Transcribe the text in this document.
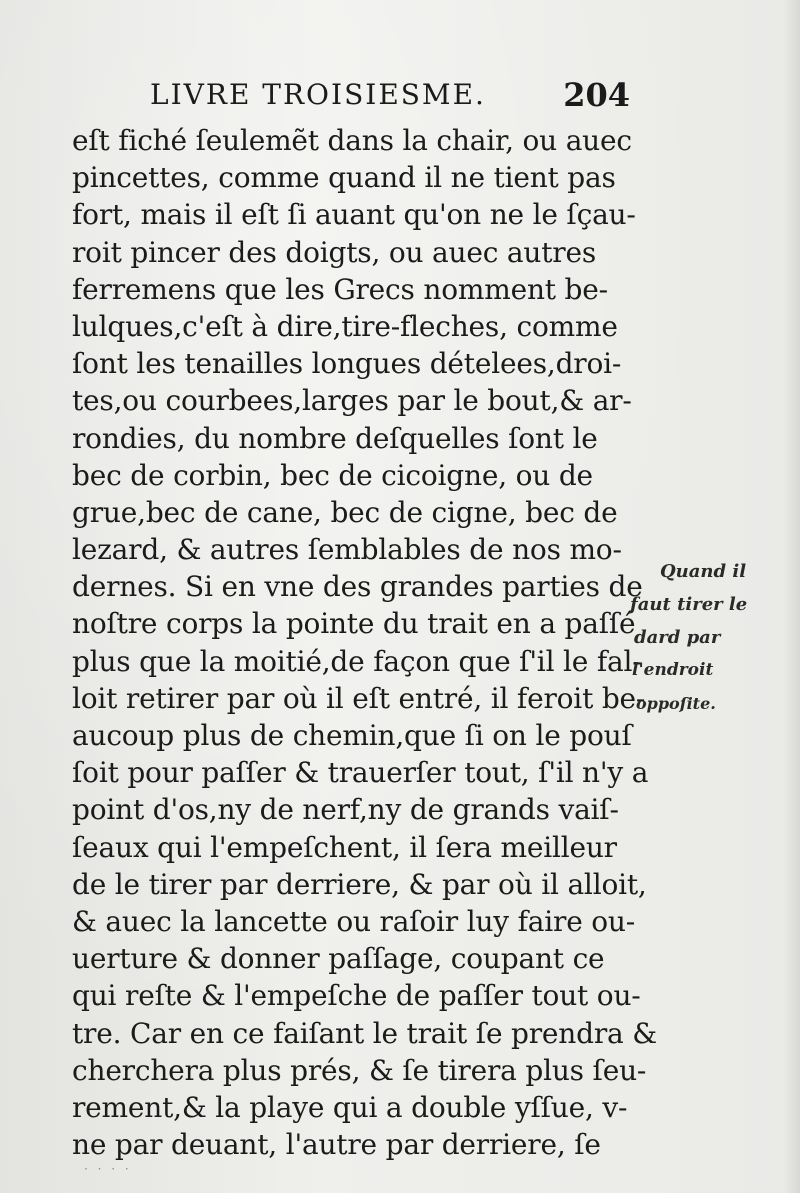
LIVRE TROISIESME. 204
eſt fiché ſeulemẽt dans la chair, ou auec
pincettes, comme quand il ne tient pas
fort, mais il eſt ſi auant qu'on ne le ſçau-
roit pincer des doigts, ou auec autres
ferremens que les Grecs nomment be-
lulques,c'eſt à dire,tire-fleches, comme
ſont les tenailles longues dételees,droi-
tes,ou courbees,larges par le bout,& ar-
rondies, du nombre deſquelles ſont le
bec de corbin, bec de cicoigne, ou de
grue,bec de cane, bec de cigne, bec de
lezard, & autres ſemblables de nos mo-
dernes. Si en vne des grandes parties de
noſtre corps la pointe du trait en a paſſé
plus que la moitié,de façon que ſ'il le fal-
loit retirer par où il eſt entré, il feroit be-
aucoup plus de chemin,que ſi on le pouſ
ſoit pour paſſer & trauerſer tout, ſ'il n'y a
point d'os,ny de nerf,ny de grands vaiſ-
ſeaux qui l'empeſchent, il ſera meilleur
de le tirer par derriere, & par où il alloit,
& auec la lancette ou raſoir luy faire ou-
uerture & donner paſſage, coupant ce
qui reſte & l'empeſche de paſſer tout ou-
tre. Car en ce faiſant le trait ſe prendra &
cherchera plus prés, & ſe tirera plus ſeu-
rement,& la playe qui a double yſſue, v-
ne par deuant, l'autre par derriere, ſe
Quand il
faut tirer le
dard par
l'endroit
oppoſite.
· · · ·
